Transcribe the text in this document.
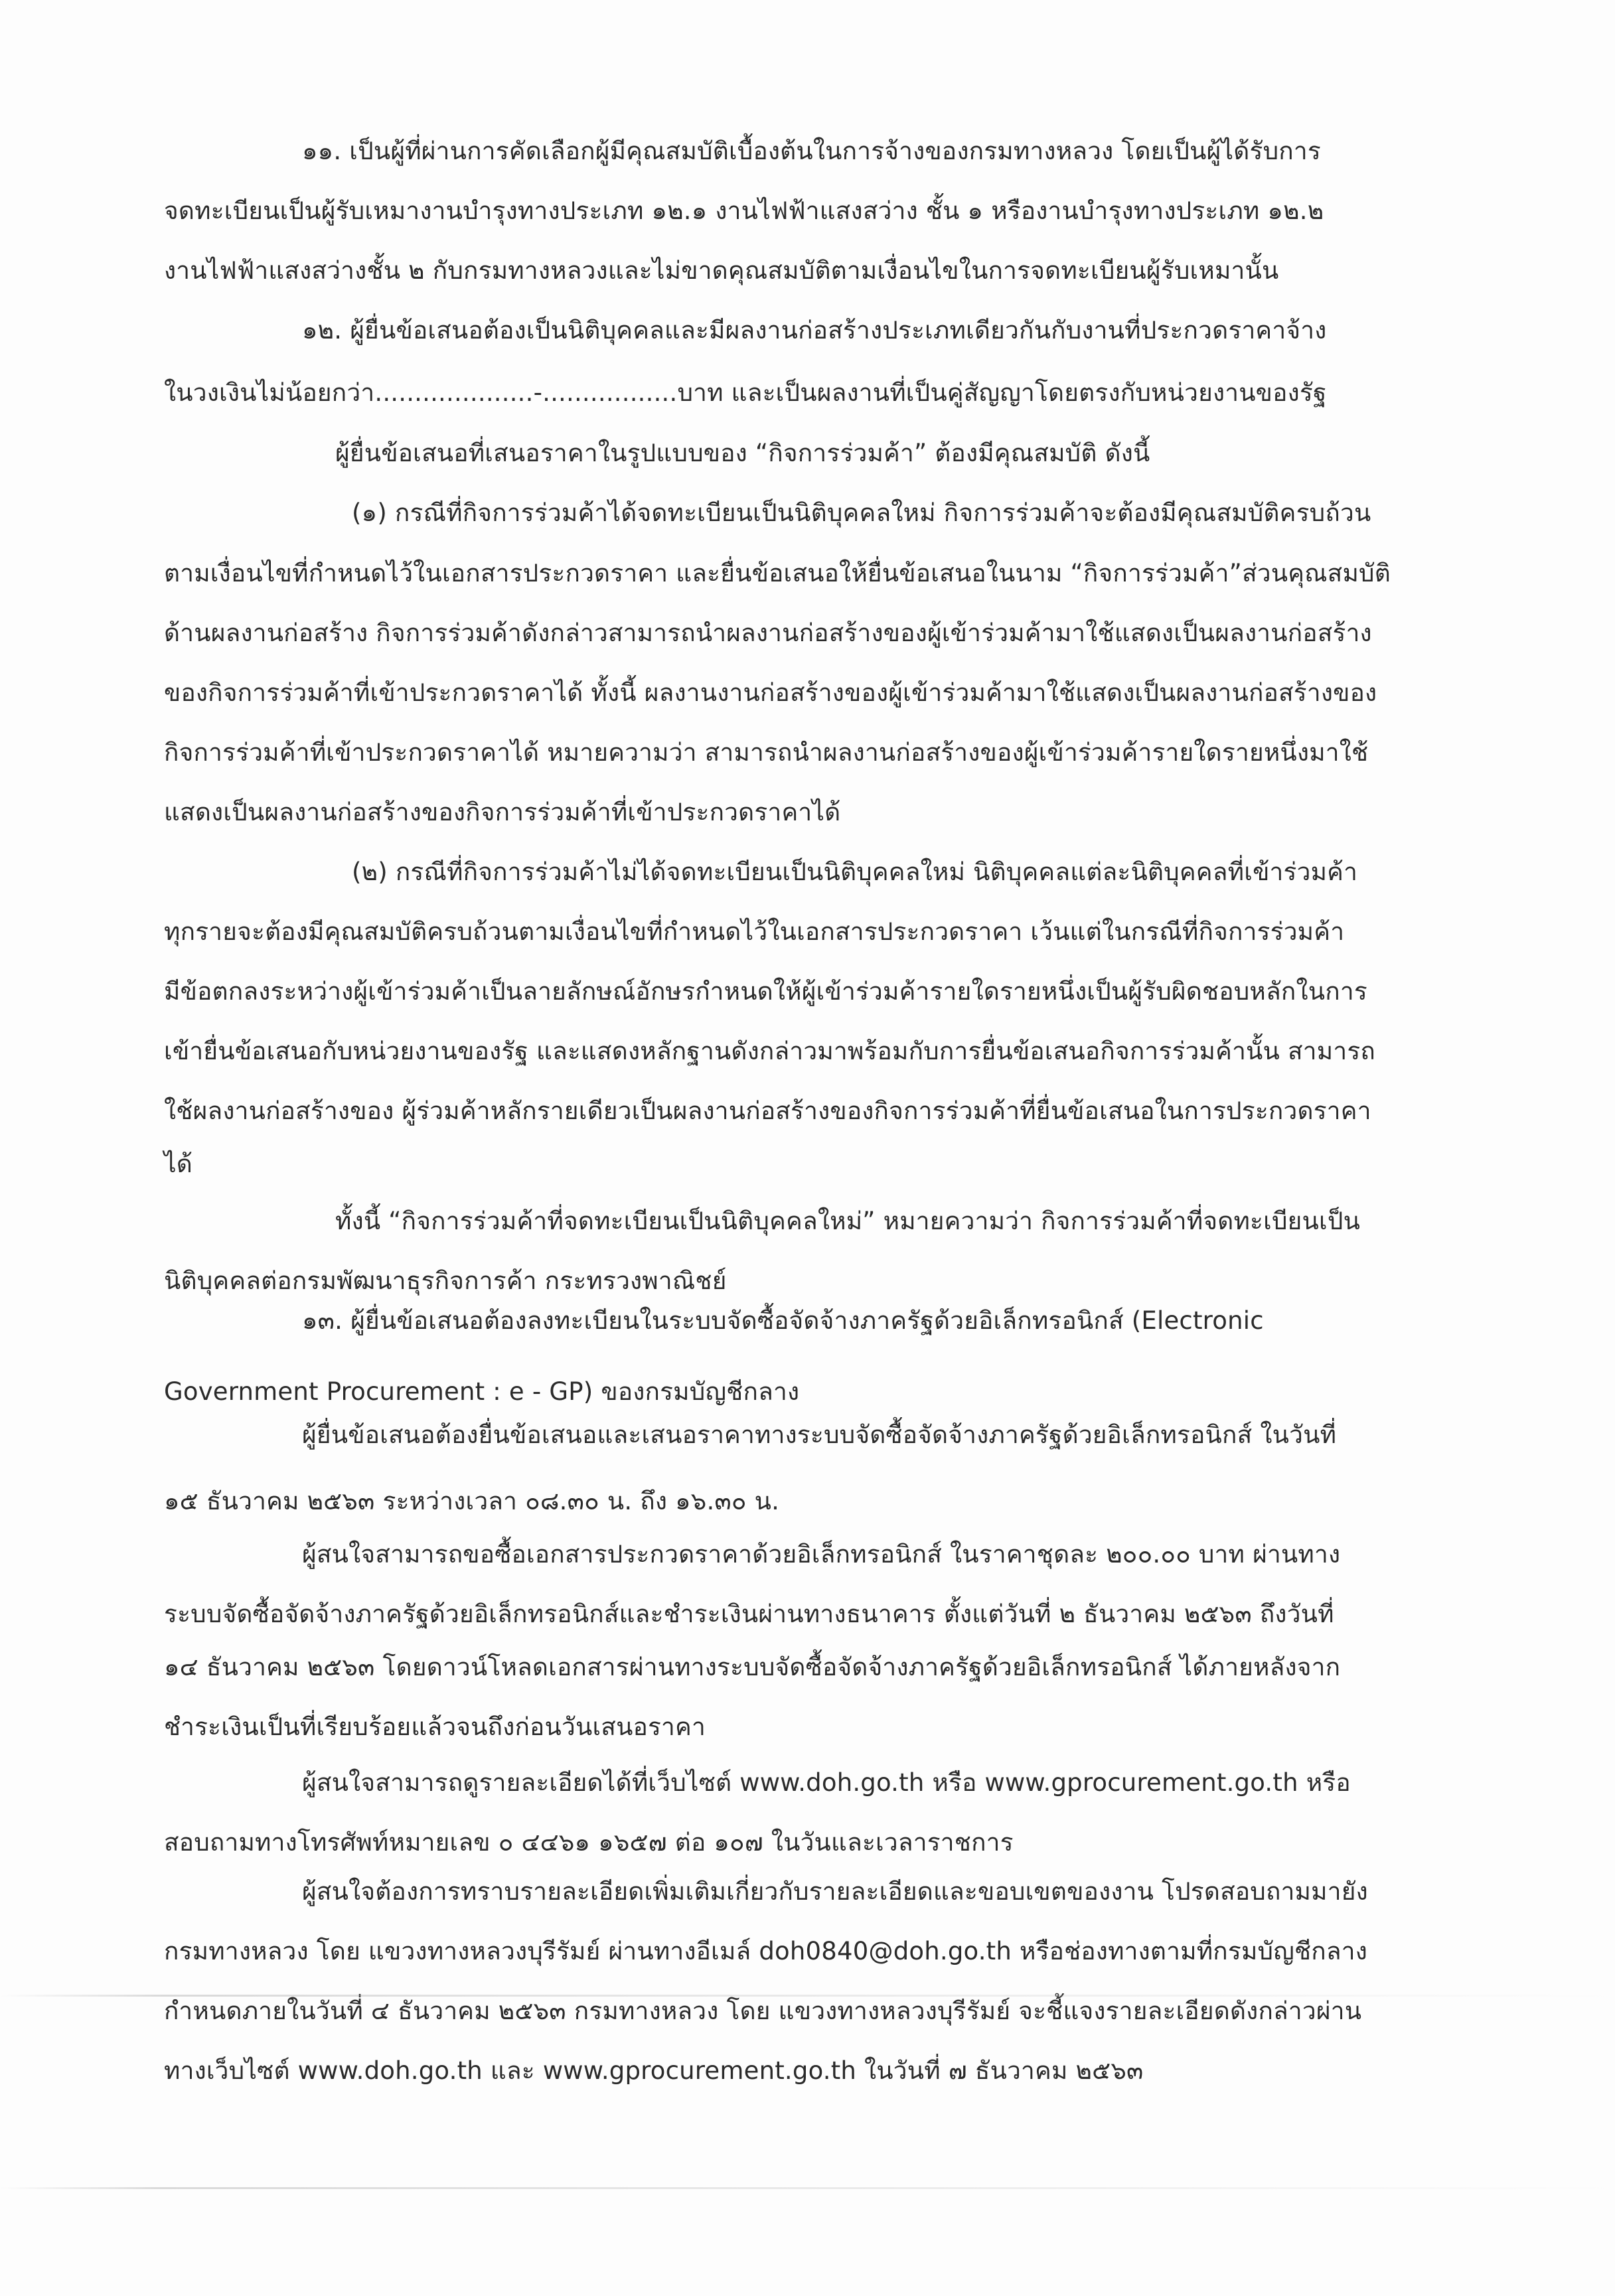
๑๑. เป็นผู้ที่ผ่านการคัดเลือกผู้มีคุณสมบัติเบื้องต้นในการจ้างของกรมทางหลวง โดยเป็นผู้ได้รับการ
จดทะเบียนเป็นผู้รับเหมางานบำรุงทางประเภท ๑๒.๑ งานไฟฟ้าแสงสว่าง ชั้น ๑ หรืองานบำรุงทางประเภท ๑๒.๒
งานไฟฟ้าแสงสว่างชั้น ๒ กับกรมทางหลวงและไม่ขาดคุณสมบัติตามเงื่อนไขในการจดทะเบียนผู้รับเหมานั้น
๑๒. ผู้ยื่นข้อเสนอต้องเป็นนิติบุคคลและมีผลงานก่อสร้างประเภทเดียวกันกับงานที่ประกวดราคาจ้าง
ในวงเงินไม่น้อยกว่า....................-.................บาท และเป็นผลงานที่เป็นคู่สัญญาโดยตรงกับหน่วยงานของรัฐ
ผู้ยื่นข้อเสนอที่เสนอราคาในรูปแบบของ “กิจการร่วมค้า” ต้องมีคุณสมบัติ ดังนี้
(๑) กรณีที่กิจการร่วมค้าได้จดทะเบียนเป็นนิติบุคคลใหม่ กิจการร่วมค้าจะต้องมีคุณสมบัติครบถ้วน
ตามเงื่อนไขที่กำหนดไว้ในเอกสารประกวดราคา และยื่นข้อเสนอให้ยื่นข้อเสนอในนาม “กิจการร่วมค้า”ส่วนคุณสมบัติ
ด้านผลงานก่อสร้าง กิจการร่วมค้าดังกล่าวสามารถนำผลงานก่อสร้างของผู้เข้าร่วมค้ามาใช้แสดงเป็นผลงานก่อสร้าง
ของกิจการร่วมค้าที่เข้าประกวดราคาได้ ทั้งนี้ ผลงานงานก่อสร้างของผู้เข้าร่วมค้ามาใช้แสดงเป็นผลงานก่อสร้างของ
กิจการร่วมค้าที่เข้าประกวดราคาได้ หมายความว่า สามารถนำผลงานก่อสร้างของผู้เข้าร่วมค้ารายใดรายหนึ่งมาใช้
แสดงเป็นผลงานก่อสร้างของกิจการร่วมค้าที่เข้าประกวดราคาได้
(๒) กรณีที่กิจการร่วมค้าไม่ได้จดทะเบียนเป็นนิติบุคคลใหม่ นิติบุคคลแต่ละนิติบุคคลที่เข้าร่วมค้า
ทุกรายจะต้องมีคุณสมบัติครบถ้วนตามเงื่อนไขที่กำหนดไว้ในเอกสารประกวดราคา เว้นแต่ในกรณีที่กิจการร่วมค้า
มีข้อตกลงระหว่างผู้เข้าร่วมค้าเป็นลายลักษณ์อักษรกำหนดให้ผู้เข้าร่วมค้ารายใดรายหนึ่งเป็นผู้รับผิดชอบหลักในการ
เข้ายื่นข้อเสนอกับหน่วยงานของรัฐ และแสดงหลักฐานดังกล่าวมาพร้อมกับการยื่นข้อเสนอกิจการร่วมค้านั้น สามารถ
ใช้ผลงานก่อสร้างของ ผู้ร่วมค้าหลักรายเดียวเป็นผลงานก่อสร้างของกิจการร่วมค้าที่ยื่นข้อเสนอในการประกวดราคา
ได้
ทั้งนี้ “กิจการร่วมค้าที่จดทะเบียนเป็นนิติบุคคลใหม่” หมายความว่า กิจการร่วมค้าที่จดทะเบียนเป็น
นิติบุคคลต่อกรมพัฒนาธุรกิจการค้า กระทรวงพาณิชย์
๑๓. ผู้ยื่นข้อเสนอต้องลงทะเบียนในระบบจัดซื้อจัดจ้างภาครัฐด้วยอิเล็กทรอนิกส์ (Electronic
Government Procurement : e - GP) ของกรมบัญชีกลาง
ผู้ยื่นข้อเสนอต้องยื่นข้อเสนอและเสนอราคาทางระบบจัดซื้อจัดจ้างภาครัฐด้วยอิเล็กทรอนิกส์ ในวันที่
๑๕ ธันวาคม ๒๕๖๓ ระหว่างเวลา ๐๘.๓๐ น. ถึง ๑๖.๓๐ น.
ผู้สนใจสามารถขอซื้อเอกสารประกวดราคาด้วยอิเล็กทรอนิกส์ ในราคาชุดละ ๒๐๐.๐๐ บาท ผ่านทาง
ระบบจัดซื้อจัดจ้างภาครัฐด้วยอิเล็กทรอนิกส์และชำระเงินผ่านทางธนาคาร ตั้งแต่วันที่ ๒ ธันวาคม ๒๕๖๓ ถึงวันที่
๑๔ ธันวาคม ๒๕๖๓ โดยดาวน์โหลดเอกสารผ่านทางระบบจัดซื้อจัดจ้างภาครัฐด้วยอิเล็กทรอนิกส์ ได้ภายหลังจาก
ชำระเงินเป็นที่เรียบร้อยแล้วจนถึงก่อนวันเสนอราคา
ผู้สนใจสามารถดูรายละเอียดได้ที่เว็บไซต์ www.doh.go.th หรือ www.gprocurement.go.th หรือ
สอบถามทางโทรศัพท์หมายเลข ๐ ๔๔๖๑ ๑๖๕๗ ต่อ ๑๐๗ ในวันและเวลาราชการ
ผู้สนใจต้องการทราบรายละเอียดเพิ่มเติมเกี่ยวกับรายละเอียดและขอบเขตของงาน โปรดสอบถามมายัง
กรมทางหลวง โดย แขวงทางหลวงบุรีรัมย์ ผ่านทางอีเมล์ doh0840@doh.go.th หรือช่องทางตามที่กรมบัญชีกลาง
กำหนดภายในวันที่ ๔ ธันวาคม ๒๕๖๓ กรมทางหลวง โดย แขวงทางหลวงบุรีรัมย์ จะชี้แจงรายละเอียดดังกล่าวผ่าน
ทางเว็บไซต์ www.doh.go.th และ www.gprocurement.go.th ในวันที่ ๗ ธันวาคม ๒๕๖๓
